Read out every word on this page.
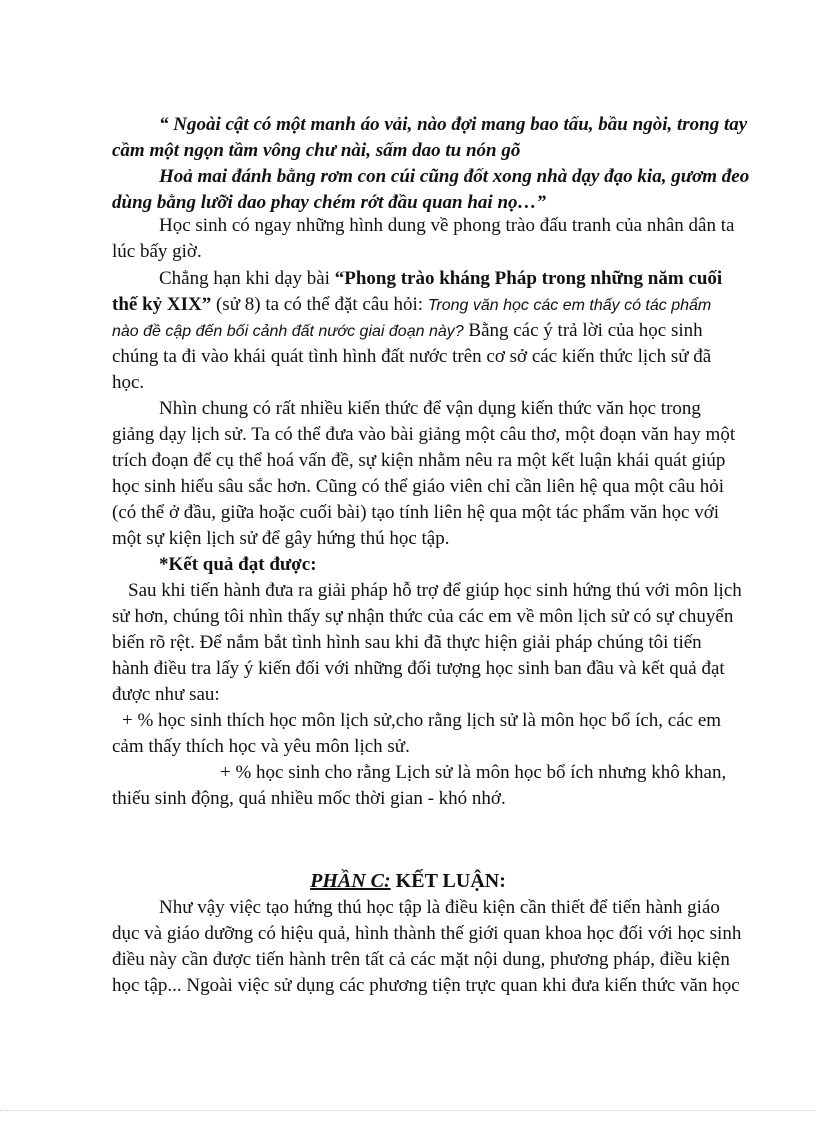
“ Ngoài cật có một manh áo vải, nào đợi mang bao tấu, bầu ngòi, trong tay
cầm một ngọn tầm vông chư nài, sấm dao tu nón gõ
Hoả mai đánh bằng rơm con cúi cũng đốt xong nhà dạy đạo kia, gươm đeo
dùng bằng lưỡi dao phay chém rớt đầu quan hai nọ…”
Học sinh có ngay những hình dung về phong trào đấu tranh của nhân dân ta
lúc bấy giờ.
Chẳng hạn khi dạy bài “Phong trào kháng Pháp trong những năm cuối
thế kỷ XIX” (sử 8) ta có thể đặt câu hỏi: Trong văn học các em thấy có tác phẩm
nào đề cập đến bối cảnh đất nước giai đoạn này? Bằng các ý trả lời của học sinh
chúng ta đi vào khái quát tình hình đất nước trên cơ sở các kiến thức lịch sử đã
học.
Nhìn chung có rất nhiều kiến thức để vận dụng kiến thức văn học trong
giảng dạy lịch sử. Ta có thể đưa vào bài giảng một câu thơ, một đoạn văn hay một
trích đoạn để cụ thể hoá vấn đề, sự kiện nhằm nêu ra một kết luận khái quát giúp
học sinh hiểu sâu sắc hơn. Cũng có thể giáo viên chỉ cần liên hệ qua một câu hỏi
(có thể ở đầu, giữa hoặc cuối bài) tạo tính liên hệ qua một tác phẩm văn học với
một sự kiện lịch sử để gây hứng thú học tập.
*Kết quả đạt được:
Sau khi tiến hành đưa ra giải pháp hỗ trợ để giúp học sinh hứng thú với môn lịch
sử hơn, chúng tôi nhìn thấy sự nhận thức của các em về môn lịch sử có sự chuyển
biến rõ rệt. Để nắm bắt tình hình sau khi đã thực hiện giải pháp chúng tôi tiến
hành điều tra lấy ý kiến đối với những đối tượng học sinh ban đầu và kết quả đạt
được như sau:
+ % học sinh thích học môn lịch sử,cho rằng lịch sử là môn học bổ ích, các em
cảm thấy thích học và yêu môn lịch sử.
+ % học sinh cho rằng Lịch sử là môn học bổ ích nhưng khô khan,
thiếu sinh động, quá nhiều mốc thời gian - khó nhớ.
PHẦN C: KẾT LUẬN:
Như vậy việc tạo hứng thú học tập là điều kiện cần thiết để tiến hành giáo
dục và giáo dưỡng có hiệu quả, hình thành thế giới quan khoa học đối với học sinh
điều này cần được tiến hành trên tất cả các mặt nội dung, phương pháp, điều kiện
học tập... Ngoài việc sử dụng các phương tiện trực quan khi đưa kiến thức văn học
